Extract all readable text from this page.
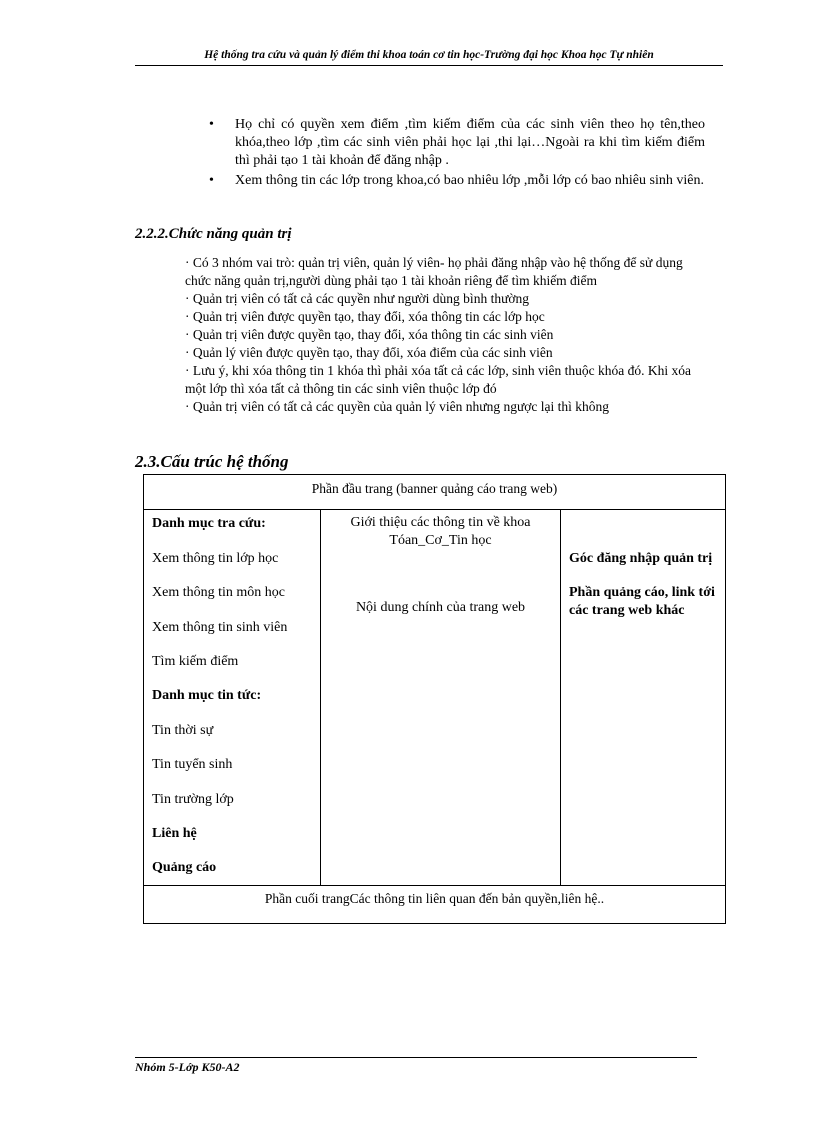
Hệ thống tra cứu và quản lý điểm thi khoa toán cơ tin học-Trường đại học Khoa học Tự nhiên
• Họ chỉ có quyền xem điểm ,tìm kiếm điểm của các sinh viên theo họ tên,theo khóa,theo lớp ,tìm các sinh viên phải học lại ,thi lại…Ngoài ra khi tìm kiếm điểm thì phải tạo 1 tài khoản để đăng nhập .
• Xem thông tin các lớp trong khoa,có bao nhiêu lớp ,mỗi lớp có bao nhiêu sinh viên.
2.2.2.Chức năng quản trị

· Có 3 nhóm vai trò: quản trị viên, quản lý viên- họ phải đăng nhập vào hệ thống để sử dụng chức năng quản trị,người dùng phải tạo 1 tài khoản riêng để tìm khiếm điểm

· Quản trị viên có tất cả các quyền như người dùng bình thường

· Quản trị viên được quyền tạo, thay đổi, xóa thông tin các lớp học

· Quản trị viên được quyền tạo, thay đổi, xóa thông tin các sinh viên

· Quản lý viên được quyền tạo, thay đổi, xóa điểm của các sinh viên

· Lưu ý, khi xóa thông tin 1 khóa thì phải xóa tất cả các lớp, sinh viên thuộc khóa đó. Khi xóa một lớp thì xóa tất cả thông tin các sinh viên thuộc lớp đó

· Quản trị viên có tất cả các quyền của quản lý viên nhưng ngược lại thì không

2.3.Cấu trúc hệ thống
Phần đầu trang (banner quảng cáo trang web)
Danh mục tra cứu:
Xem thông tin lớp học
Xem thông tin môn học
Xem thông tin sinh viên
Tìm kiếm điểm
Danh mục tin tức:
Tin thời sự
Tin tuyển sinh
Tin trường lớp
Liên hệ
Quảng cáo
Giới thiệu các thông tin về khoa Tóan_Cơ_Tin học
Nội dung chính của trang web
Góc đăng nhập quản trị
Phần quảng cáo, link tới các trang web khác
Phần cuối trangCác thông tin liên quan đến bản quyền,liên hệ..
Nhóm 5-Lớp K50-A2
